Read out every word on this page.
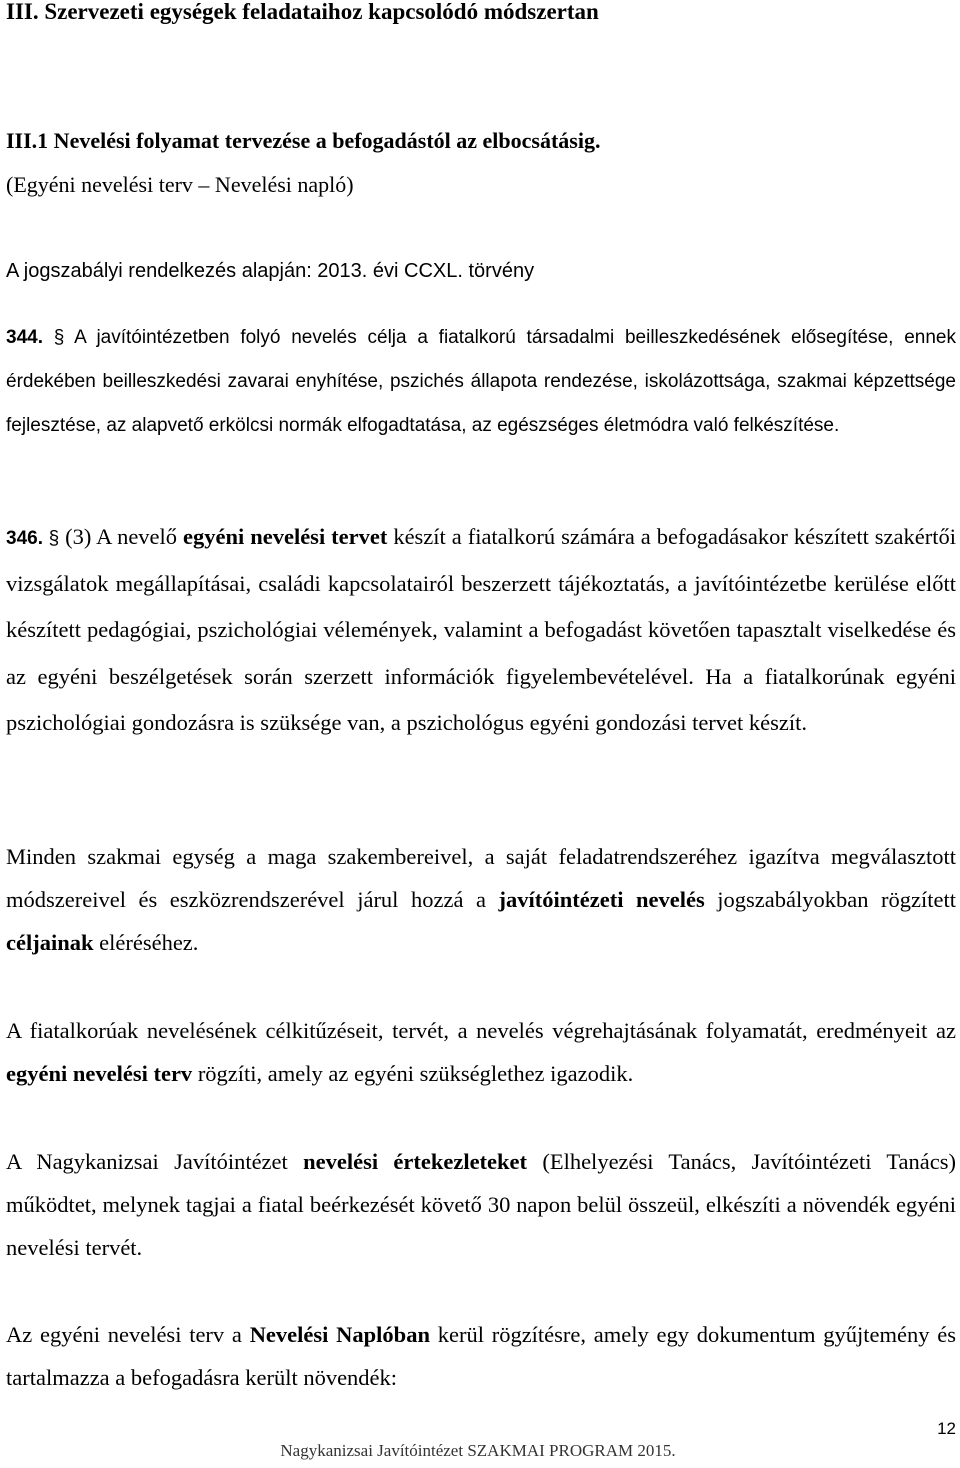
III. Szervezeti egységek feladataihoz kapcsolódó módszertan
III.1 Nevelési folyamat tervezése a befogadástól az elbocsátásig.
(Egyéni nevelési terv – Nevelési napló)
A jogszabályi rendelkezés alapján: 2013. évi CCXL. törvény
344. § A javítóintézetben folyó nevelés célja a fiatalkorú társadalmi beilleszkedésének elősegítése, ennek érdekében beilleszkedési zavarai enyhítése, pszichés állapota rendezése, iskolázottsága, szakmai képzettsége fejlesztése, az alapvető erkölcsi normák elfogadtatása, az egészséges életmódra való felkészítése.
346. § (3) A nevelő egyéni nevelési tervet készít a fiatalkorú számára a befogadásakor készített szakértői vizsgálatok megállapításai, családi kapcsolatairól beszerzett tájékoztatás, a javítóintézetbe kerülése előtt készített pedagógiai, pszichológiai vélemények, valamint a befogadást követően tapasztalt viselkedése és az egyéni beszélgetések során szerzett információk figyelembevételével. Ha a fiatalkorúnak egyéni pszichológiai gondozásra is szüksége van, a pszichológus egyéni gondozási tervet készít.
Minden szakmai egység a maga szakembereivel, a saját feladatrendszeréhez igazítva megválasztott módszereivel és eszközrendszerével járul hozzá a javítóintézeti nevelés jogszabályokban rögzített céljainak eléréséhez.
A fiatalkorúak nevelésének célkitűzéseit, tervét, a nevelés végrehajtásának folyamatát, eredményeit az egyéni nevelési terv rögzíti, amely az egyéni szükséglethez igazodik.
A Nagykanizsai Javítóintézet nevelési értekezleteket (Elhelyezési Tanács, Javítóintézeti Tanács) működtet, melynek tagjai a fiatal beérkezését követő 30 napon belül összeül, elkészíti a növendék egyéni nevelési tervét.
Az egyéni nevelési terv a Nevelési Naplóban kerül rögzítésre, amely egy dokumentum gyűjtemény és tartalmazza a befogadásra került növendék:
12
Nagykanizsai Javítóintézet SZAKMAI PROGRAM 2015.
